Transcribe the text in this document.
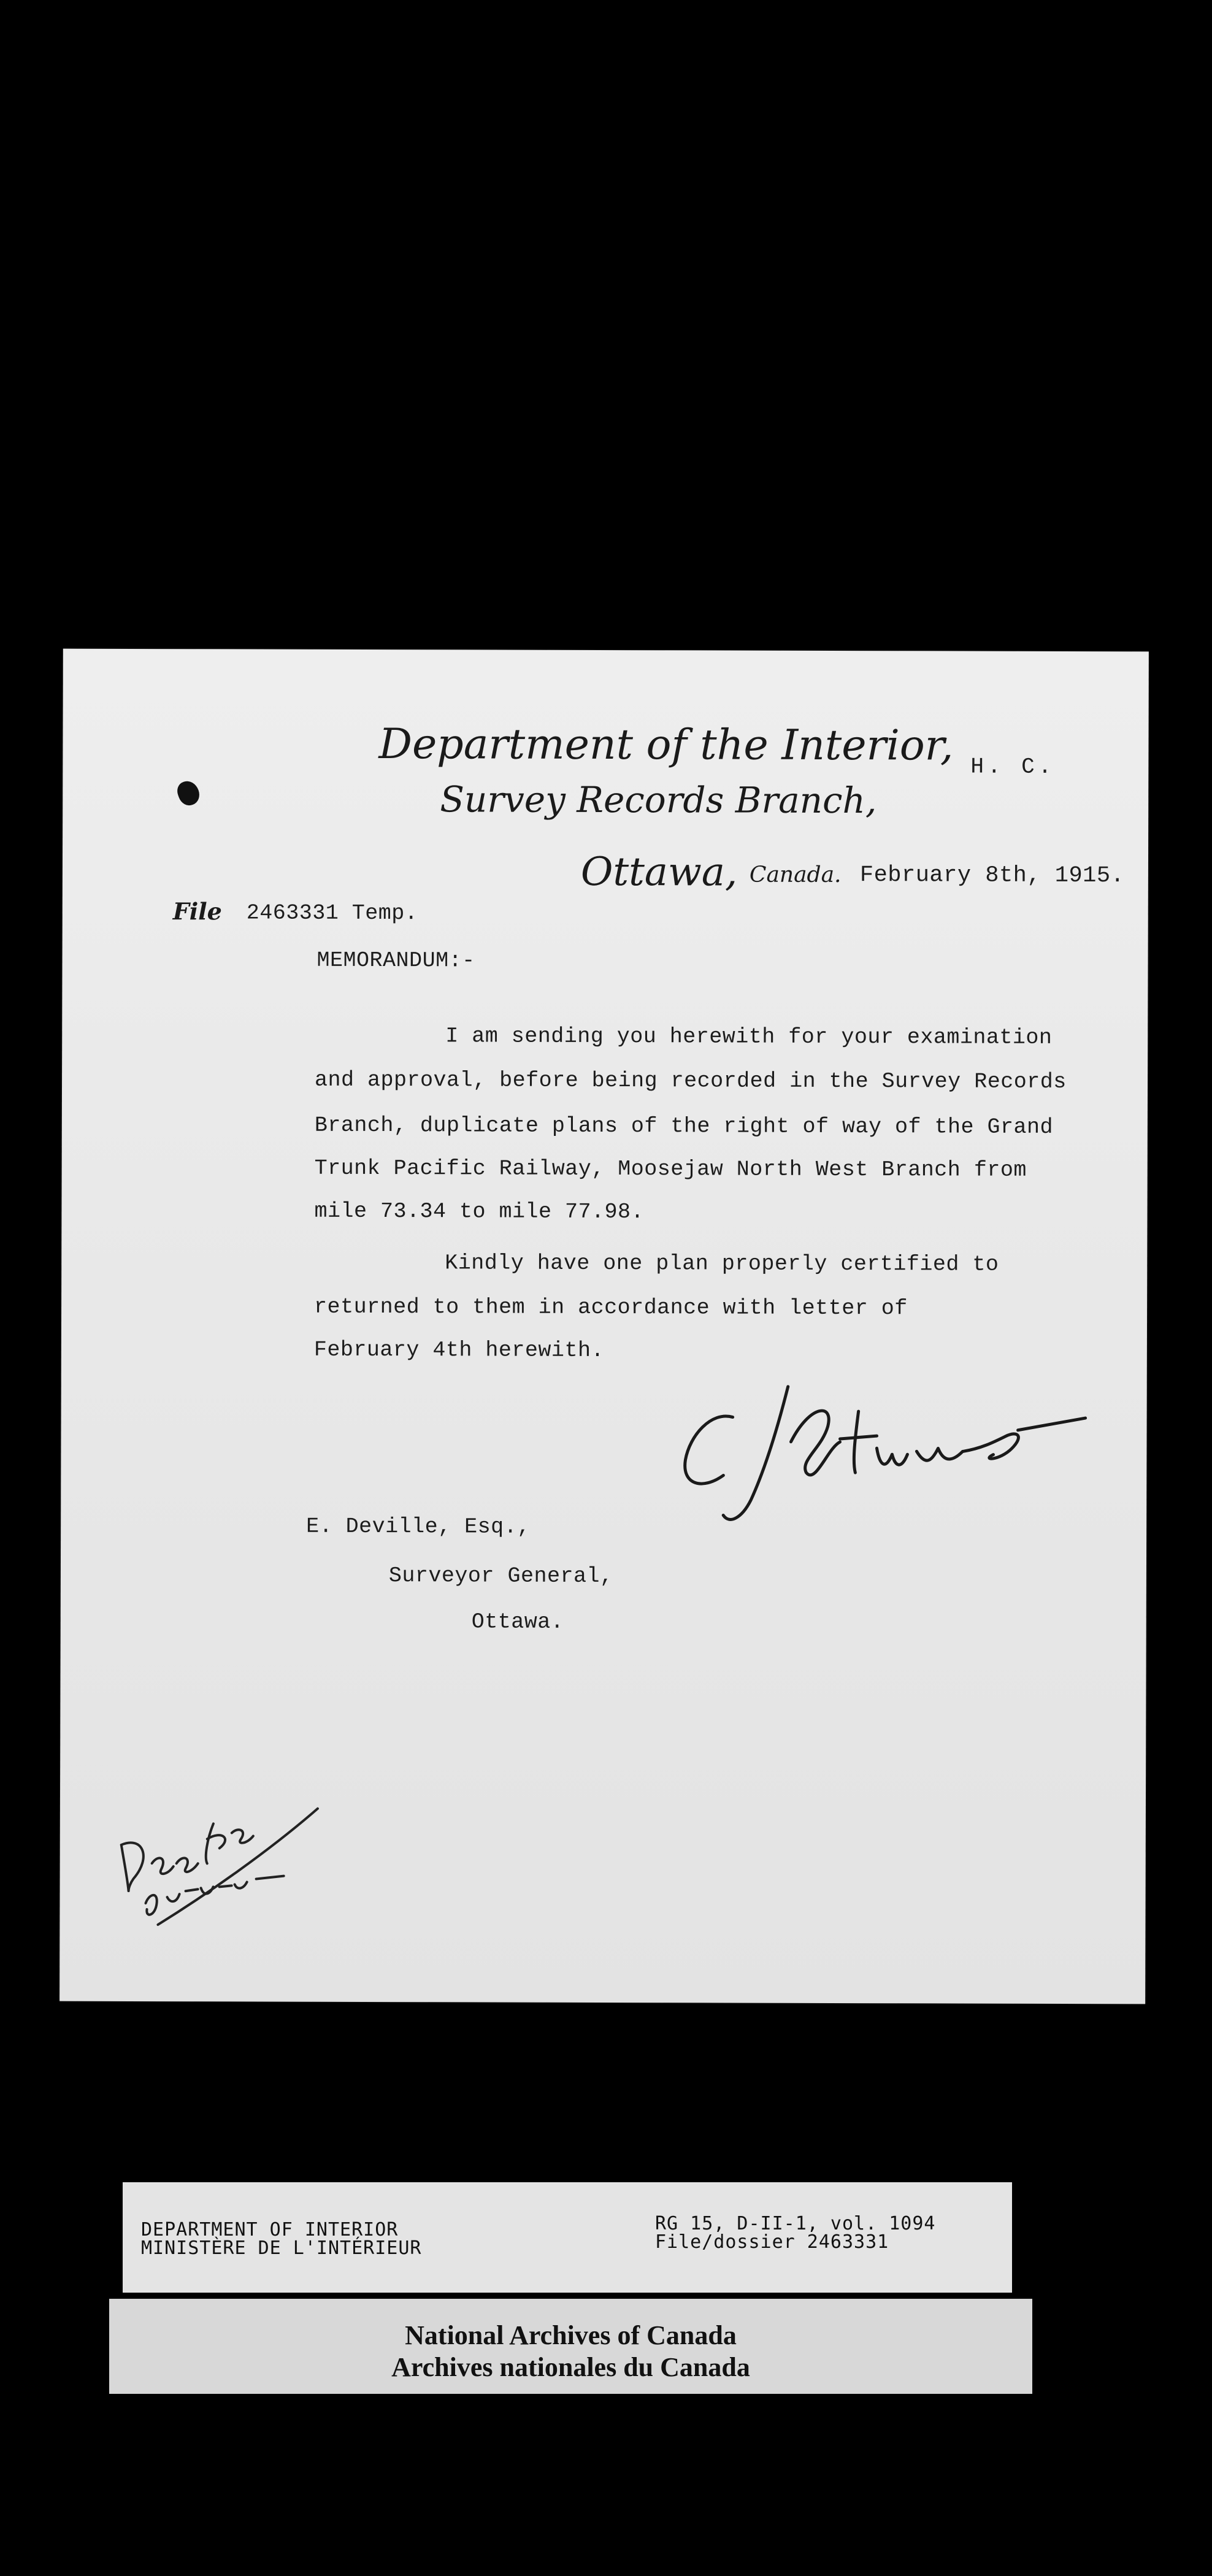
Department of the Interior,
Survey Records Branch,
Ottawa, Canada.
File
H. C.
February 8th, 1915.
2463331 Temp.
MEMORANDUM:-
I am sending you herewith for your examination
and approval, before being recorded in the Survey Records
Branch, duplicate plans of the right of way of the Grand
Trunk Pacific Railway, Moosejaw North West Branch from
mile 73.34 to mile 77.98.
Kindly have one plan properly certified to
returned to them in accordance with letter of
February 4th herewith.
E. Deville, Esq.,
Surveyor General,
Ottawa.
DEPARTMENT OF INTERIOR
MINISTÈRE DE L'INTÉRIEUR
RG 15, D-II-1, vol. 1094
File/dossier 2463331
National Archives of Canada
Archives nationales du Canada
